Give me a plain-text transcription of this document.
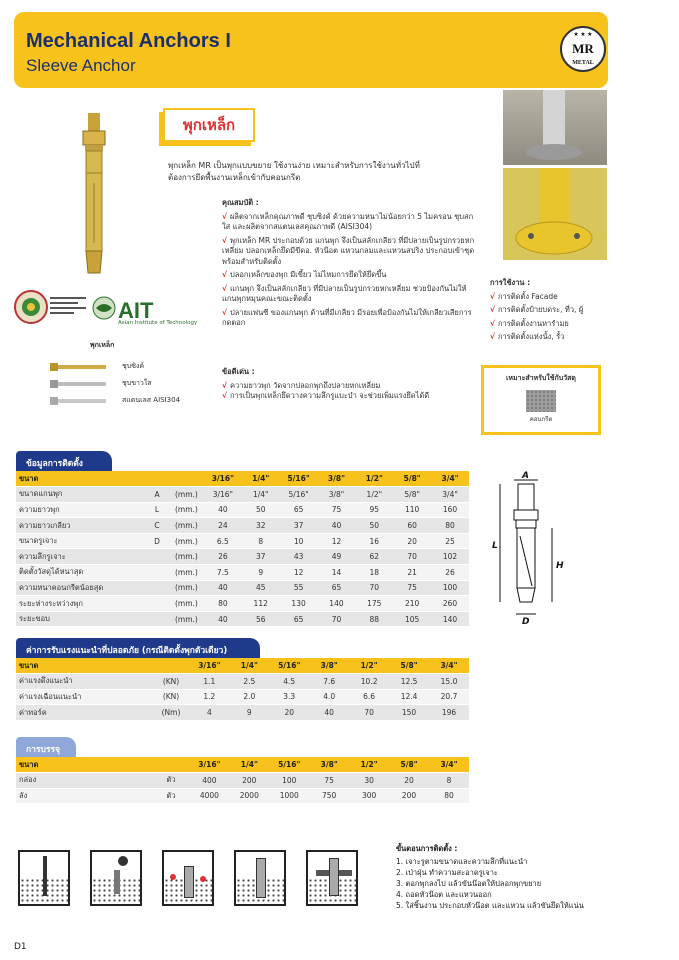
Mechanical Anchors I
Sleeve Anchor
★ ★ ★
MR
METAL
พุกเหล็ก
พุกเหล็ก MR เป็นพุกแบบขยาย ใช้งานง่าย เหมาะสำหรับการใช้งานทั่วไปที่
ต้องการยึดพื้นงานเหล็กเข้ากับคอนกรีต
คุณสมบัติ :
√ ผลิตจากเหล็กคุณภาพดี ชุบซิงค์ ด้วยความหนาไม่น้อยกว่า 5 ไมครอน ชุบสกใส และผลิตจากสแตนเลสคุณภาพดี (AISI304)
√ พุกเหล็ก MR ประกอบด้วย แกนพุก จึงเป็นสลักเกลียว ที่มีปลายเป็นรูปกรวยหกเหลี่ยม ปลอกเหล็กยึดมีขีดอ. หัวน๊อต แหวนกลมและแหวนสปริง ประกอบเข้าชุด พร้อมสำหรับติดตั้ง
√ ปลอกเหล็กของพุก มีเขี้ยว ไม่ไหมการยึดให้ยึดขึ้น
√ แกนพุก จึงเป็นสลักเกลียว ที่มีปลายเป็นรูปกรวยหกเหลี่ยม ช่วยป้องกันไม่ให้แกนพุกหมุนคณะขณะติดตั้ง
√ ปลายแฟนซี ของแกนพุก ด้านที่มีเกลียว มีรอยเพื่อป้องกันไม่ให้เกลียวเสียการกดตอก
ข้อดีเด่น :
√ ความยาวพุก วัดจากปลอกพุกถึงปลายหกเหลี่ยม
√ การเป็นพุกเหล็กยึดวางความลึกรูแบะบำ จะช่วยเพิ่มแรงยึดได้ดี
การใช้งาน :
√ การติดตั้ง Facade
√ การติดตั้งป้ายบดระ, ที่ว, ผู้
√ การติดตั้งงานหารำมย
√ การติดตั้งแห่งนั้ง, รั้ว
เหมาะสำหรับใช้กับวัสดุ
คอนกรีต
AIT
Asian Institute of Technology
พุกเหล็ก
ชุบซิงค์
ชุบขาวใส
สแตนเลส AISI304
ข้อมูลการติดตั้ง
ขนาด			3/16"	1/4"	5/16"	3/8"	1/2"	5/8"	3/4"
ขนาดแกนพุก	A	(mm.)	3/16"	1/4"	5/16"	3/8"	1/2"	5/8"	3/4"
ความยาวพุก	L	(mm.)	40	50	65	75	95	110	160
ความยาวเกลียว	C	(mm.)	24	32	37	40	50	60	80
ขนาดรูเจาะ	D	(mm.)	6.5	8	10	12	16	20	25
ความลึกรูเจาะ		(mm.)	26	37	43	49	62	70	102
ติดตั้งวัสดุได้หนาสุด		(mm.)	7.5	9	12	14	18	21	26
ความหนาคอนกรีตน้อยสุด		(mm.)	40	45	55	65	70	75	100
ระยะห่างระหว่างพุก		(mm.)	80	112	130	140	175	210	260
ระยะขอบ		(mm.)	40	56	65	70	88	105	140
A
L
H
D
ค่าการรับแรงแนะนำที่ปลอดภัย (กรณีติดตั้งพุกตัวเดียว)
ขนาด		3/16"	1/4"	5/16"	3/8"	1/2"	5/8"	3/4"
ค่าแรงดึงแนะนำ	(KN)	1.1	2.5	4.5	7.6	10.2	12.5	15.0
ค่าแรงเฉือนแนะนำ	(KN)	1.2	2.0	3.3	4.0	6.6	12.4	20.7
ค่าทอร์ค	(Nm)	4	9	20	40	70	150	196
การบรรจุ
ขนาด		3/16"	1/4"	5/16"	3/8"	1/2"	5/8"	3/4"
กล่อง	ตัว	400	200	100	75	30	20	8
ลัง	ตัว	4000	2000	1000	750	300	200	80
ขั้นตอนการติดตั้ง :
1. เจาะรูตามขนาดและความลึกที่แนะนำ
2. เป่าฝุ่น ทำความสะอาดรูเจาะ
3. ตอกพุกลงไป แล้วขันน๊อตให้ปลอกพุกขยาย
4. ถอดหัวน๊อต และแหวนออก
5. ใส่ชิ้นงาน ประกอบหัวน๊อต และแหวน แล้วขันยึดให้แน่น
D1
